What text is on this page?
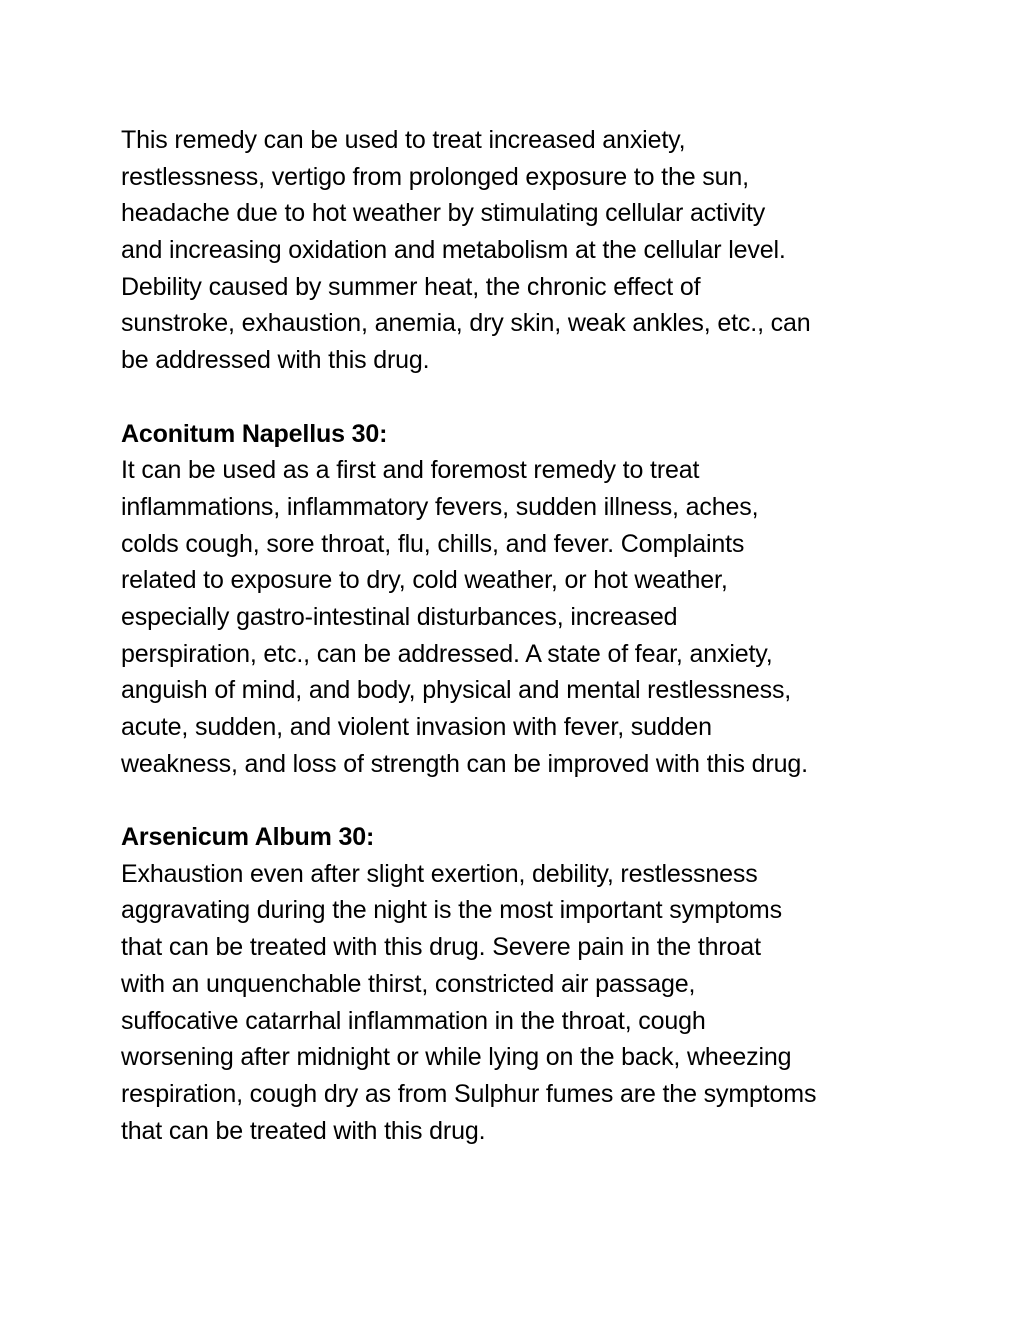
This remedy can be used to treat increased anxiety,
restlessness, vertigo from prolonged exposure to the sun,
headache due to hot weather by stimulating cellular activity
and increasing oxidation and metabolism at the cellular level.
Debility caused by summer heat, the chronic effect of
sunstroke, exhaustion, anemia, dry skin, weak ankles, etc., can
be addressed with this drug.
Aconitum Napellus 30:
It can be used as a first and foremost remedy to treat
inflammations, inflammatory fevers, sudden illness, aches,
colds cough, sore throat, flu, chills, and fever. Complaints
related to exposure to dry, cold weather, or hot weather,
especially gastro-intestinal disturbances, increased
perspiration, etc., can be addressed. A state of fear, anxiety,
anguish of mind, and body, physical and mental restlessness,
acute, sudden, and violent invasion with fever, sudden
weakness, and loss of strength can be improved with this drug.
Arsenicum Album 30:
Exhaustion even after slight exertion, debility, restlessness
aggravating during the night is the most important symptoms
that can be treated with this drug. Severe pain in the throat
with an unquenchable thirst, constricted air passage,
suffocative catarrhal inflammation in the throat, cough
worsening after midnight or while lying on the back, wheezing
respiration, cough dry as from Sulphur fumes are the symptoms
that can be treated with this drug.
